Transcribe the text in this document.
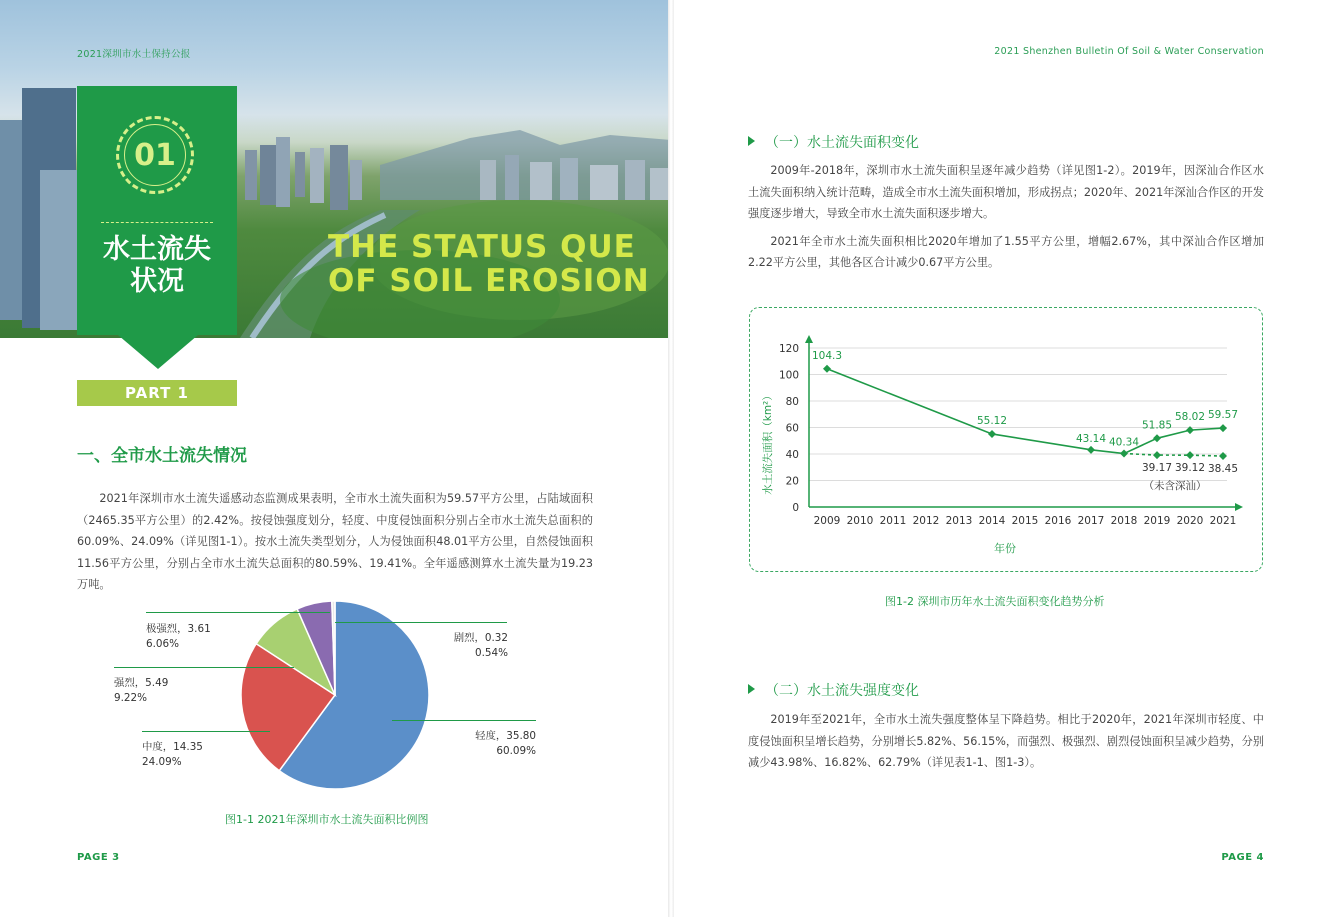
2021深圳市水土保持公报
01
水土流失
状况
THE STATUS QUE
OF SOIL EROSION
PART 1
一、全市水土流失情况

2021年深圳市水土流失遥感动态监测成果表明，全市水土流失面积为59.57平方公里，占陆域面积（2465.35平方公里）的2.42%。按侵蚀强度划分，轻度、中度侵蚀面积分别占全市水土流失总面积的60.09%、24.09%（详见图1-1）。按水土流失类型划分，人为侵蚀面积48.01平方公里，自然侵蚀面积11.56平方公里，分别占全市水土流失总面积的80.59%、19.41%。全年遥感测算水土流失量为19.23万吨。

极强烈，3.61
6.06%	剧烈，0.32
0.54%
强烈，5.49
9.22%
中度，14.35
24.09%
轻度，35.80
60.09%
图1-1 2021年深圳市水土流失面积比例图
PAGE 3
2021 Shenzhen Bulletin Of Soil & Water Conservation
（一）水土流失面积变化

2009年-2018年，深圳市水土流失面积呈逐年减少趋势（详见图1-2）。2019年，因深汕合作区水土流失面积纳入统计范畴，造成全市水土流失面积增加，形成拐点；2020年、2021年深汕合作区的开发强度逐步增大，导致全市水土流失面积逐步增大。

2021年全市水土流失面积相比2020年增加了1.55平方公里，增幅2.67%，其中深汕合作区增加2.22平方公里，其他各区合计减少0.67平方公里。

0
20
40
60
80
100
120
2009 2010 2011 2012 2013 2014 2015 2016 2017 2018 2019 2020 2021
年份
水土流失面积（km²）
104.3
55.12
43.14 40.34
51.85
58.02 59.57
39.17 39.12 38.45
（未含深汕）
图1-2 深圳市历年水土流失面积变化趋势分析
（二）水土流失强度变化

2019年至2021年，全市水土流失强度整体呈下降趋势。相比于2020年，2021年深圳市轻度、中度侵蚀面积呈增长趋势，分别增长5.82%、56.15%，而强烈、极强烈、剧烈侵蚀面积呈减少趋势，分别减少43.98%、16.82%、62.79%（详见表1-1、图1-3）。

PAGE 4
